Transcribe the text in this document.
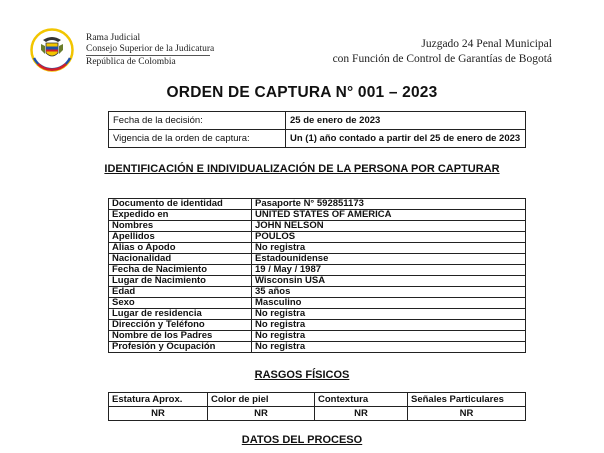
Rama Judicial
Consejo Superior de la Judicatura
República de Colombia
Juzgado 24 Penal Municipal
con Función de Control de Garantías de Bogotá
ORDEN DE CAPTURA N° 001 – 2023
Fecha de la decisión:	25 de enero de 2023
Vigencia de la orden de captura:	Un (1) año contado a partir del 25 de enero de 2023
IDENTIFICACIÓN E INDIVIDUALIZACIÓN DE LA PERSONA POR CAPTURAR
Documento de identidad	Pasaporte N° 592851173
Expedido en	UNITED STATES OF AMERICA
Nombres	JOHN NELSON
Apellidos	POULOS
Alias o Apodo	No registra
Nacionalidad	Estadounidense
Fecha de Nacimiento	19 / May / 1987
Lugar de Nacimiento	Wisconsin USA
Edad	35 años
Sexo	Masculino
Lugar de residencia	No registra
Dirección y Teléfono	No registra
Nombre de los Padres	No registra
Profesión y Ocupación	No registra
RASGOS FÍSICOS
Estatura Aprox.	Color de piel	Contextura	Señales Particulares
NR	NR	NR	NR
DATOS DEL PROCESO
